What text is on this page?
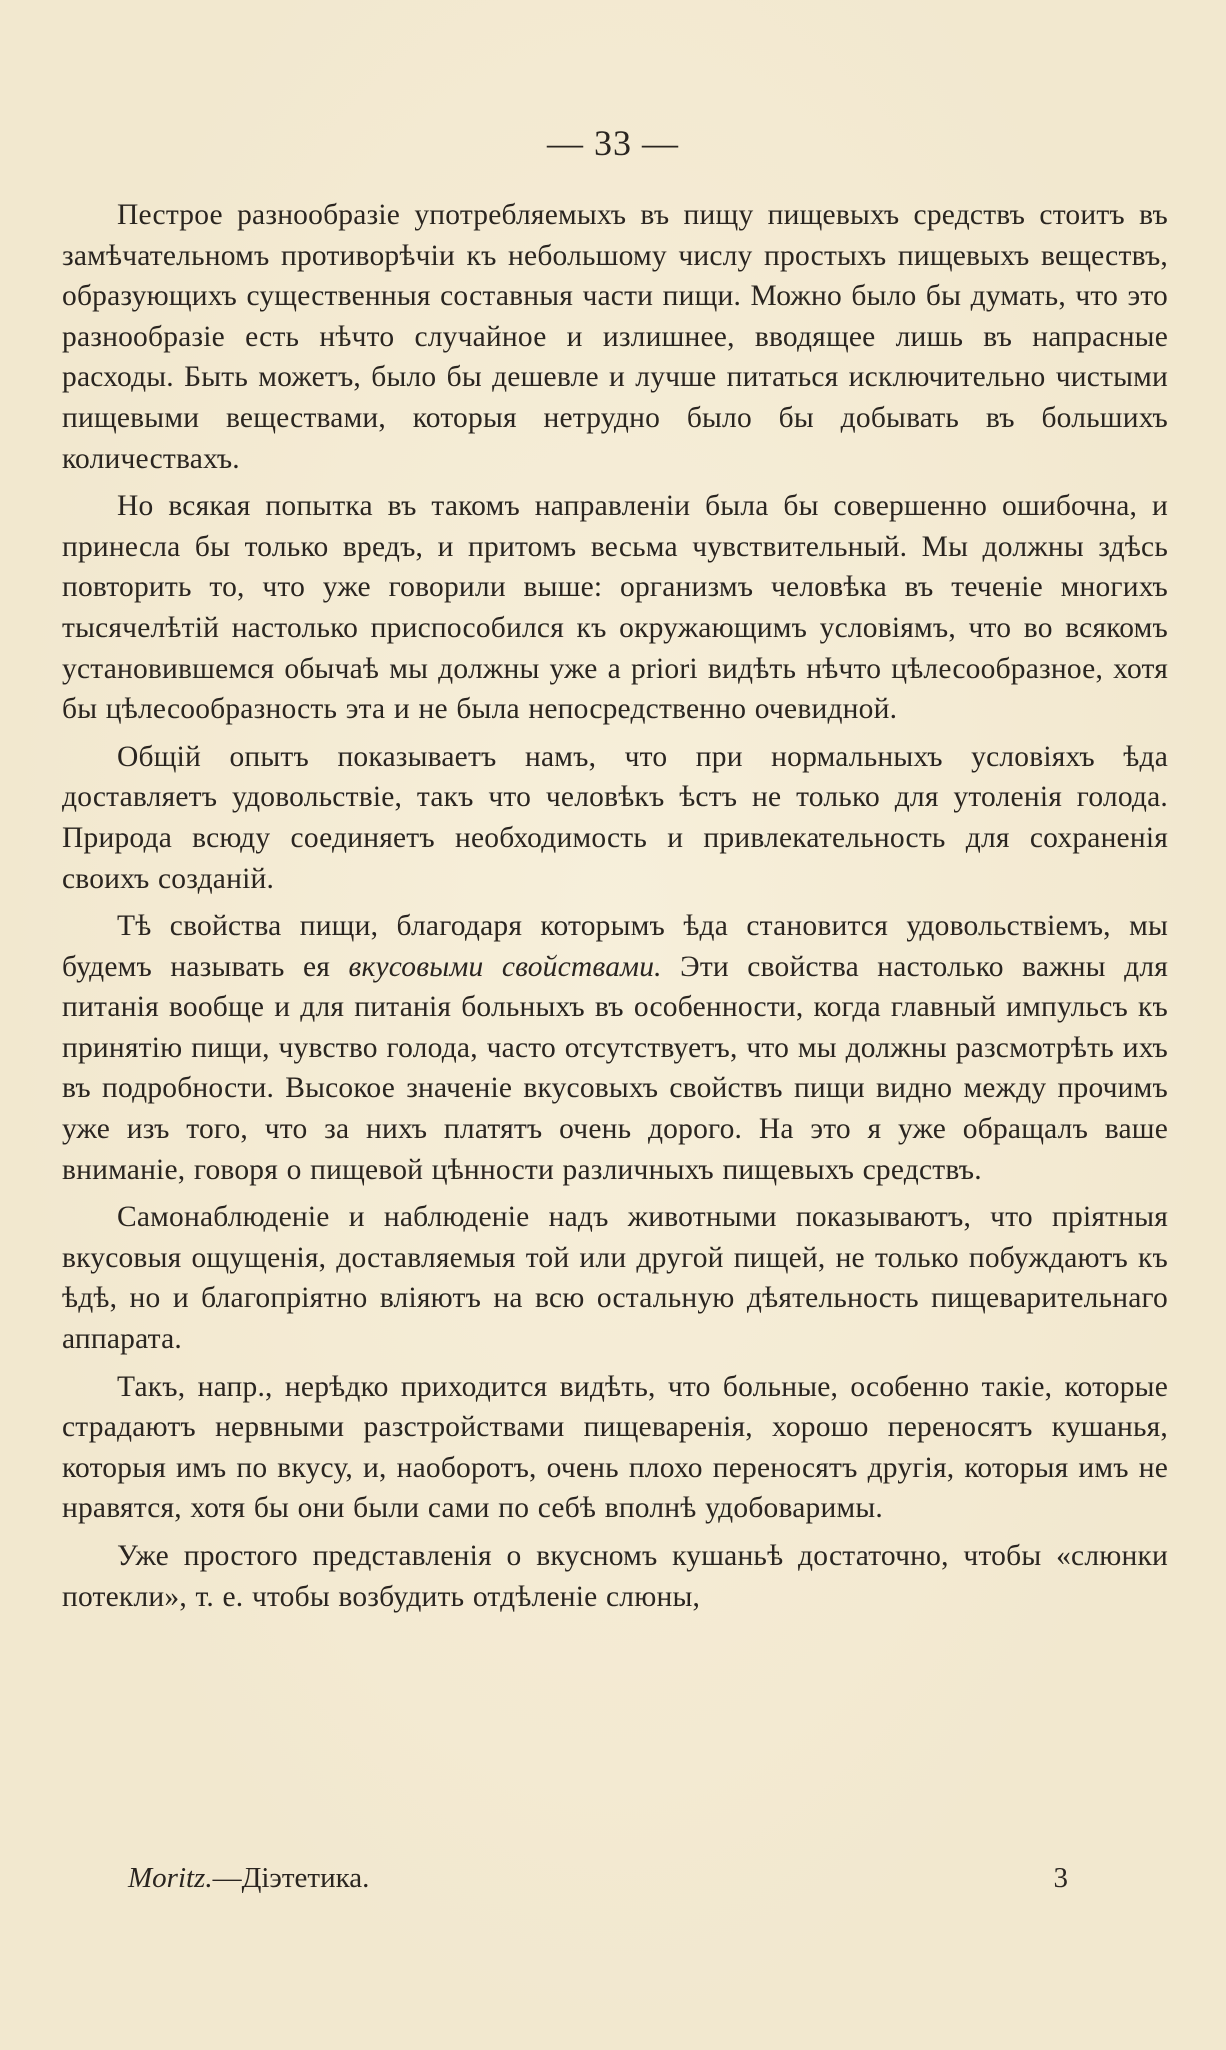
— 33 —

Пестрое разнообразіе употребляемыхъ въ пищу пищевыхъ средствъ стоитъ въ замѣчательномъ противорѣчіи къ небольшому числу простыхъ пищевыхъ веществъ, образующихъ существенныя составныя части пищи. Можно было бы думать, что это разнообразіе есть нѣчто случайное и излишнее, вводящее лишь въ напрасные расходы. Быть можетъ, было бы дешевле и лучше питаться исключительно чистыми пищевыми веществами, которыя нетрудно было бы добывать въ большихъ количествахъ.

Но всякая попытка въ такомъ направленіи была бы совершенно ошибочна, и принесла бы только вредъ, и притомъ весьма чувствительный. Мы должны здѣсь повторить то, что уже говорили выше: организмъ человѣка въ теченіе многихъ тысячелѣтій настолько приспособился къ окружающимъ условіямъ, что во всякомъ установившемся обычаѣ мы должны уже a priori видѣть нѣчто цѣлесообразное, хотя бы цѣлесообразность эта и не была непосредственно очевидной.

Общій опытъ показываетъ намъ, что при нормальныхъ условіяхъ ѣда доставляетъ удовольствіе, такъ что человѣкъ ѣстъ не только для утоленія голода. Природа всюду соединяетъ необходимость и привлекательность для сохраненія своихъ созданій.

Тѣ свойства пищи, благодаря которымъ ѣда становится удовольствіемъ, мы будемъ называть ея вкусовыми свойствами. Эти свойства настолько важны для питанія вообще и для питанія больныхъ въ особенности, когда главный импульсъ къ принятію пищи, чувство голода, часто отсутствуетъ, что мы должны разсмотрѣть ихъ въ подробности. Высокое значеніе вкусовыхъ свойствъ пищи видно между прочимъ уже изъ того, что за нихъ платятъ очень дорого. На это я уже обращалъ ваше вниманіе, говоря о пищевой цѣнности различныхъ пищевыхъ средствъ.

Самонаблюденіе и наблюденіе надъ животными показываютъ, что пріятныя вкусовыя ощущенія, доставляемыя той или другой пищей, не только побуждаютъ къ ѣдѣ, но и благопріятно вліяютъ на всю остальную дѣятельность пищеварительнаго аппарата.

Такъ, напр., нерѣдко приходится видѣть, что больные, особенно такіе, которые страдаютъ нервными разстройствами пищеваренія, хорошо переносятъ кушанья, которыя имъ по вкусу, и, наоборотъ, очень плохо переносятъ другія, которыя имъ не нравятся, хотя бы они были сами по себѣ вполнѣ удобоваримы.

Уже простого представленія о вкусномъ кушаньѣ достаточно, чтобы «слюнки потекли», т. е. чтобы возбудить отдѣленіе слюны,

Moritz.—Діэтетика.	3
